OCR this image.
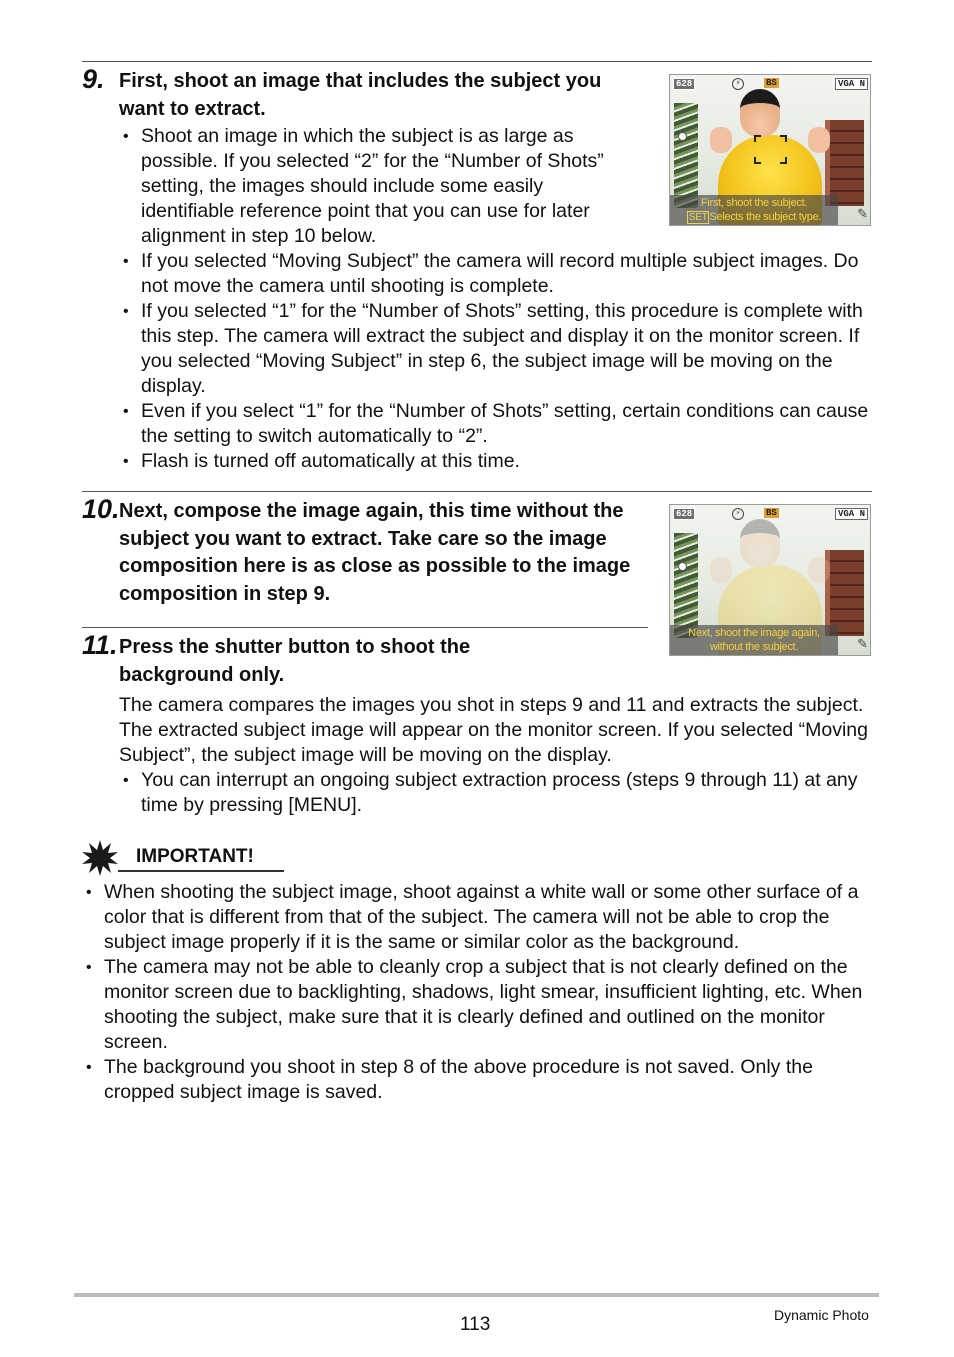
9. First, shoot an image that includes the subject you want to extract.
628	⚡	BS	VGA N
First, shoot the subject.
SET Selects the subject type.	✎
• Shoot an image in which the subject is as large as possible. If you selected “2” for the “Number of Shots” setting, the images should include some easily identifiable reference point that you can use for later alignment in step 10 below.
• If you selected “Moving Subject” the camera will record multiple subject images. Do not move the camera until shooting is complete.
• If you selected “1” for the “Number of Shots” setting, this procedure is complete with this step. The camera will extract the subject and display it on the monitor screen. If you selected “Moving Subject” in step 6, the subject image will be moving on the display.
• Even if you select “1” for the “Number of Shots” setting, certain conditions can cause the setting to switch automatically to “2”.
• Flash is turned off automatically at this time.
10. Next, compose the image again, this time without the subject you want to extract. Take care so the image composition here is as close as possible to the image composition in step 9.
628	⚡	BS	VGA N
Next, shoot the image again,
without the subject.	✎
11. Press the shutter button to shoot the background only.
The camera compares the images you shot in steps 9 and 11 and extracts the subject. The extracted subject image will appear on the monitor screen. If you selected “Moving Subject”, the subject image will be moving on the display.
• You can interrupt an ongoing subject extraction process (steps 9 through 11) at any time by pressing [MENU].
IMPORTANT!
• When shooting the subject image, shoot against a white wall or some other surface of a color that is different from that of the subject. The camera will not be able to crop the subject image properly if it is the same or similar color as the background.
• The camera may not be able to cleanly crop a subject that is not clearly defined on the monitor screen due to backlighting, shadows, light smear, insufficient lighting, etc. When shooting the subject, make sure that it is clearly defined and outlined on the monitor screen.
• The background you shoot in step 8 of the above procedure is not saved. Only the cropped subject image is saved.
113	Dynamic Photo
